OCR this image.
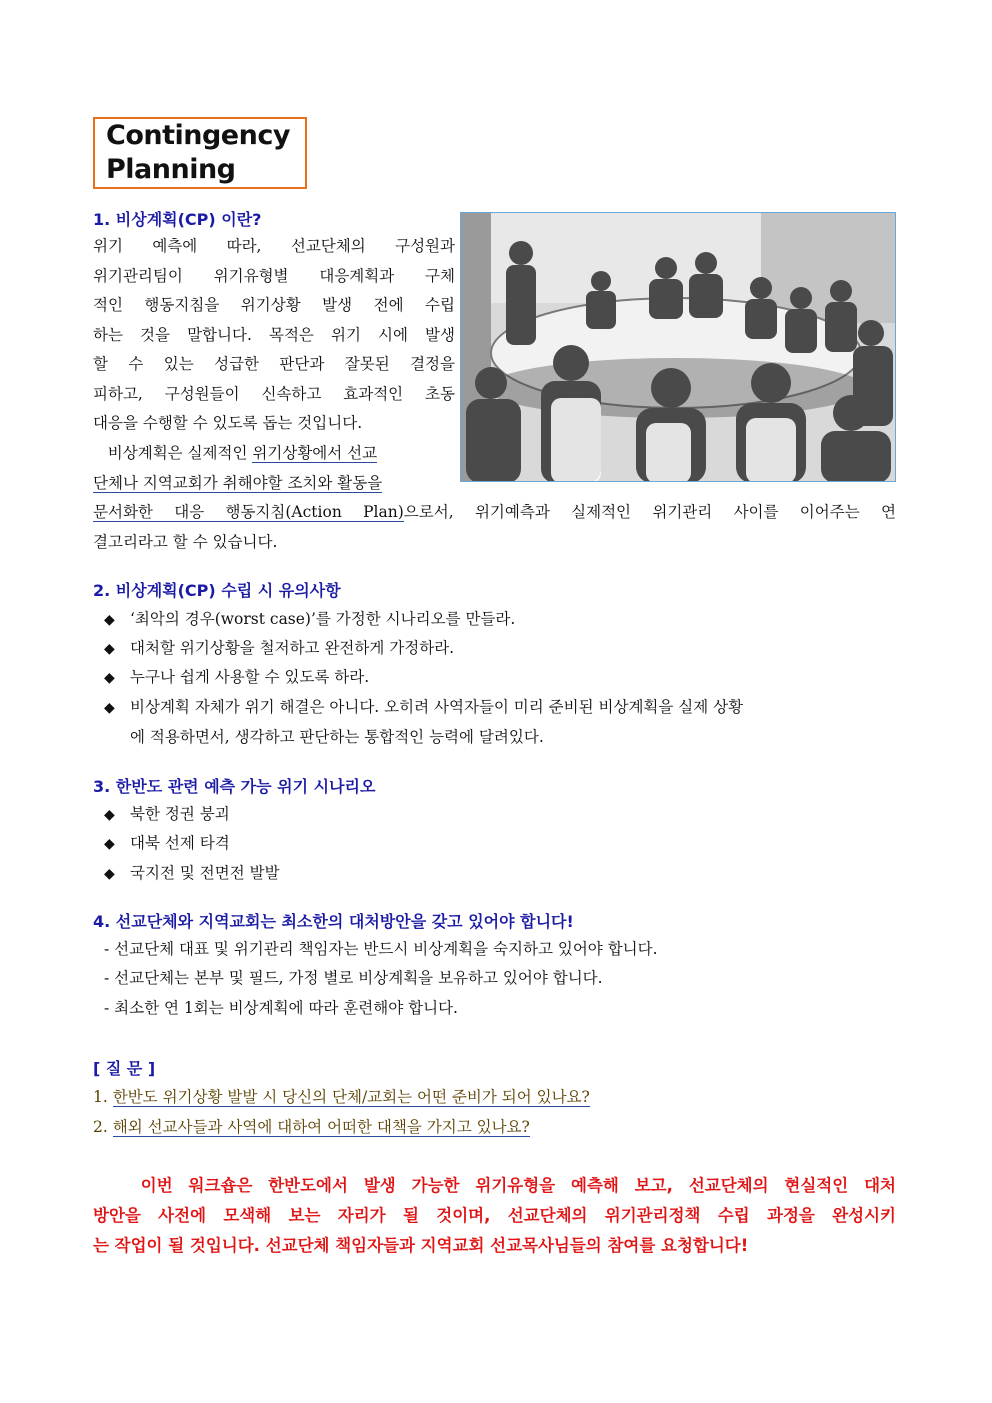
Contingency
Planning
1. 비상계획(CP) 이란?
위기 예측에 따라, 선교단체의 구성원과
위기관리팀이 위기유형별 대응계획과 구체
적인 행동지침을 위기상황 발생 전에 수립
하는 것을 말합니다. 목적은 위기 시에 발생
할 수 있는 성급한 판단과 잘못된 결정을
피하고, 구성원들이 신속하고 효과적인 초동
대응을 수행할 수 있도록 돕는 것입니다.
비상계획은 실제적인 위기상황에서 선교
단체나 지역교회가 취해야할 조치와 활동을
문서화한 대응 행동지침(Action Plan)으로서, 위기예측과 실제적인 위기관리 사이를 이어주는 연
결고리라고 할 수 있습니다.
2. 비상계획(CP) 수립 시 유의사항
◆ ‘최악의 경우(worst case)’를 가정한 시나리오를 만들라.
◆ 대처할 위기상황을 철저하고 완전하게 가정하라.
◆ 누구나 쉽게 사용할 수 있도록 하라.
◆ 비상계획 자체가 위기 해결은 아니다. 오히려 사역자들이 미리 준비된 비상계획을 실제 상황
에 적용하면서, 생각하고 판단하는 통합적인 능력에 달려있다.
3. 한반도 관련 예측 가능 위기 시나리오
◆ 북한 정권 붕괴
◆ 대북 선제 타격
◆ 국지전 및 전면전 발발
4. 선교단체와 지역교회는 최소한의 대처방안을 갖고 있어야 합니다!
- 선교단체 대표 및 위기관리 책임자는 반드시 비상계획을 숙지하고 있어야 합니다.
- 선교단체는 본부 및 필드, 가정 별로 비상계획을 보유하고 있어야 합니다.
- 최소한 연 1회는 비상계획에 따라 훈련해야 합니다.
[ 질 문 ]
1. 한반도 위기상황 발발 시 당신의 단체/교회는 어떤 준비가 되어 있나요?
2. 해외 선교사들과 사역에 대하여 어떠한 대책을 가지고 있나요?
이번 워크숍은 한반도에서 발생 가능한 위기유형을 예측해 보고, 선교단체의 현실적인 대처
방안을 사전에 모색해 보는 자리가 될 것이며, 선교단체의 위기관리정책 수립 과정을 완성시키
는 작업이 될 것입니다. 선교단체 책임자들과 지역교회 선교목사님들의 참여를 요청합니다!
